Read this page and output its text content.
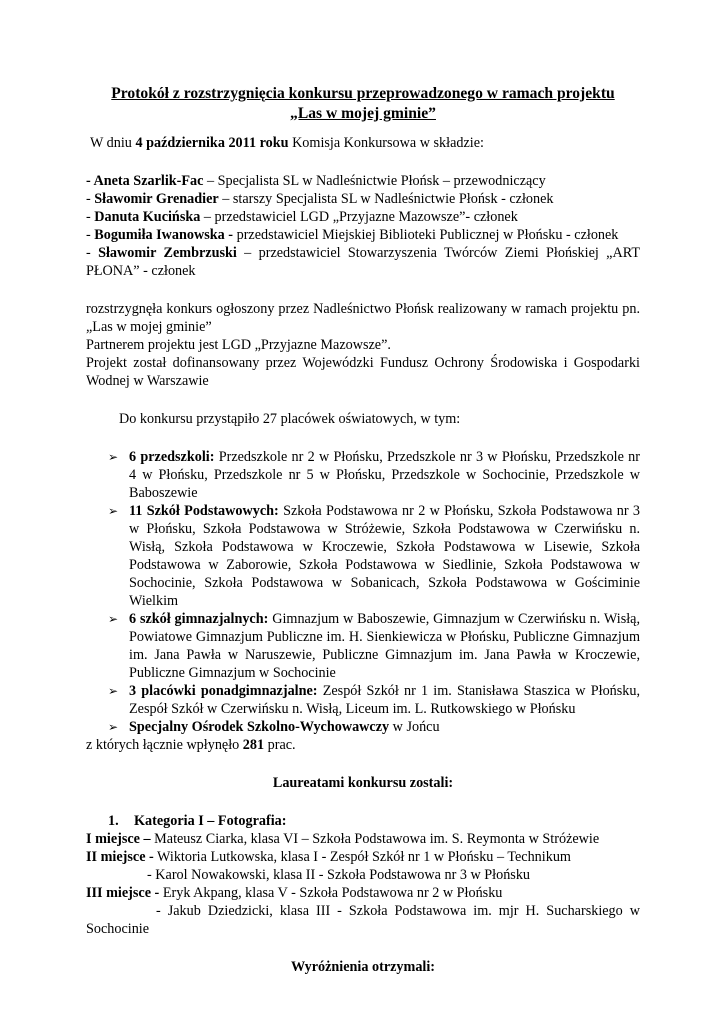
Protokół z rozstrzygnięcia konkursu przeprowadzonego w ramach projektu
„Las w mojej gminie”

W dniu 4 października 2011 roku Komisja Konkursowa w składzie:

- Aneta Szarlik-Fac – Specjalista SL w Nadleśnictwie Płońsk – przewodniczący

- Sławomir Grenadier – starszy Specjalista SL w Nadleśnictwie Płońsk - członek

- Danuta Kucińska – przedstawiciel LGD „Przyjazne Mazowsze”- członek

- Bogumiła Iwanowska - przedstawiciel Miejskiej Biblioteki Publicznej w Płońsku - członek

- Sławomir Zembrzuski – przedstawiciel Stowarzyszenia Twórców Ziemi Płońskiej „ART PŁONA” - członek

rozstrzygnęła konkurs ogłoszony przez Nadleśnictwo Płońsk realizowany w ramach projektu pn. „Las w mojej gminie”

Partnerem projektu jest LGD „Przyjazne Mazowsze”.

Projekt został dofinansowany przez Wojewódzki Fundusz Ochrony Środowiska i Gospodarki Wodnej w Warszawie

Do konkursu przystąpiło 27 placówek oświatowych, w tym:

➢ 6 przedszkoli: Przedszkole nr 2 w Płońsku, Przedszkole nr 3 w Płońsku, Przedszkole nr 4 w Płońsku, Przedszkole nr 5 w Płońsku, Przedszkole w Sochocinie, Przedszkole w Baboszewie
➢ 11 Szkół Podstawowych: Szkoła Podstawowa nr 2 w Płońsku, Szkoła Podstawowa nr 3 w Płońsku, Szkoła Podstawowa w Stróżewie, Szkoła Podstawowa w Czerwińsku n. Wisłą, Szkoła Podstawowa w Kroczewie, Szkoła Podstawowa w Lisewie, Szkoła Podstawowa w Zaborowie, Szkoła Podstawowa w Siedlinie, Szkoła Podstawowa w Sochocinie, Szkoła Podstawowa w Sobanicach, Szkoła Podstawowa w Gościminie Wielkim
➢ 6 szkół gimnazjalnych: Gimnazjum w Baboszewie, Gimnazjum w Czerwińsku n. Wisłą, Powiatowe Gimnazjum Publiczne im. H. Sienkiewicza w Płońsku, Publiczne Gimnazjum im. Jana Pawła w Naruszewie, Publiczne Gimnazjum im. Jana Pawła w Kroczewie, Publiczne Gimnazjum w Sochocinie
➢ 3 placówki ponadgimnazjalne: Zespół Szkół nr 1 im. Stanisława Staszica w Płońsku, Zespół Szkół w Czerwińsku n. Wisłą, Liceum im. L. Rutkowskiego w Płońsku
➢ Specjalny Ośrodek Szkolno-Wychowawczy w Jońcu

z których łącznie wpłynęło 281 prac.

Laureatami konkursu zostali:

1. Kategoria I – Fotografia:

I miejsce – Mateusz Ciarka, klasa VI – Szkoła Podstawowa im. S. Reymonta w Stróżewie

II miejsce - Wiktoria Lutkowska, klasa I - Zespół Szkół nr 1 w Płońsku – Technikum

- Karol Nowakowski, klasa II - Szkoła Podstawowa nr 3 w Płońsku

III miejsce - Eryk Akpang, klasa V - Szkoła Podstawowa nr 2 w Płońsku

- Jakub Dziedzicki, klasa III - Szkoła Podstawowa im. mjr H. Sucharskiego w Sochocinie

Wyróżnienia otrzymali:
